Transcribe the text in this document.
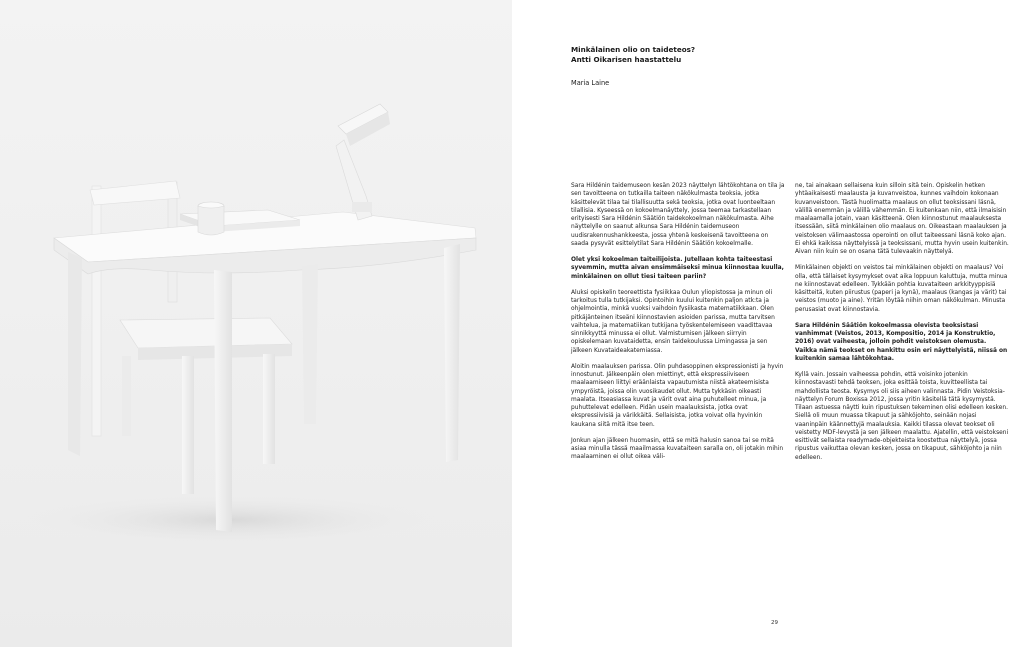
Minkälainen olio on taideteos?
Antti Oikarisen haastattelu

Maria Laine

Sara Hildénin taidemuseon kesän 2023 näyttelyn lähtökohtana on tila ja sen tavoitteena on tutkailla taiteen näkökulmasta teoksia, jotka käsittelevät tilaa tai tilallisuutta sekä teoksia, jotka ovat luonteeltaan tilallisia. Kyseessä on kokoelmanäyttely, jossa teemaa tarkastellaan erityisesti Sara Hildénin Säätiön taidekokoelman näkökulmasta. Aihe näyttelylle on saanut alkunsa Sara Hildénin taidemuseon uudisrakennushankkeesta, jossa yhtenä keskeisenä tavoitteena on saada pysyvät esittelytilat Sara Hildénin Säätiön kokoelmalle.

Olet yksi kokoelman taiteilijoista. Jutellaan kohta taiteestasi syvemmin, mutta aivan ensimmäiseksi minua kiinnostaa kuulla, minkälainen on ollut tiesi taiteen pariin?

Aluksi opiskelin teoreettista fysiikkaa Oulun yliopistossa ja minun oli tarkoitus tulla tutkijaksi. Opintoihin kuului kuitenkin paljon atk:ta ja ohjelmointia, minkä vuoksi vaihdoin fysiikasta matematiikkaan. Olen pitkäjänteinen itseäni kiinnostavien asioiden parissa, mutta tarvitsen vaihtelua, ja matematiikan tutkijana työskentelemiseen vaadittavaa sinnikkyyttä minussa ei ollut. Valmistumisen jälkeen siirryin opiskelemaan kuvataidetta, ensin taidekoulussa Limingassa ja sen jälkeen Kuvataideakatemiassa.

Aloitin maalauksen parissa. Olin puhdasoppinen ekspressionisti ja hyvin innostunut. Jälkeenpäin olen miettinyt, että ekspressiiviseen maalaamiseen liittyi eräänlaista vapautumista niistä akateemisista ympyröistä, joissa olin vuosikaudet ollut. Mutta tykkäsin oikeasti maalata. Itseasiassa kuvat ja värit ovat aina puhutelleet minua, ja puhuttelevat edelleen. Pidän usein maalauksista, jotka ovat ekspressiivisiä ja värikkäitä. Sellaisista, jotka voivat olla hyvinkin kaukana siitä mitä itse teen.

Jonkun ajan jälkeen huomasin, että se mitä halusin sanoa tai se mitä asiaa minulla tässä maailmassa kuvataiteen saralla on, oli jotakin mihin maalaaminen ei ollut oikea väli-

ne, tai ainakaan sellaisena kuin silloin sitä tein. Opiskelin hetken yhtäaikaisesti maalausta ja kuvanveistoa, kunnes vaihdoin kokonaan kuvanveistoon. Tästä huolimatta maalaus on ollut teoksissani läsnä, välillä enemmän ja välillä vähemmän. Ei kuitenkaan niin, että ilmaisisin maalaamalla jotain, vaan käsitteenä. Olen kiinnostunut maalauksesta itsessään, siitä minkälainen olio maalaus on. Oikeastaan maalauksen ja veistoksen välimaastossa operointi on ollut taiteessani läsnä koko ajan. Ei ehkä kaikissa näyttelyissä ja teoksissani, mutta hyvin usein kuitenkin. Aivan niin kuin se on osana tätä tulevaakin näyttelyä.

Minkälainen objekti on veistos tai minkälainen objekti on maalaus? Voi olla, että tällaiset kysymykset ovat aika loppuun kaluttuja, mutta minua ne kiinnostavat edelleen. Tykkään pohtia kuvataiteen arkkityyppisiä käsitteitä, kuten piirustus (paperi ja kynä), maalaus (kangas ja värit) tai veistos (muoto ja aine). Yritän löytää niihin oman näkökulman. Minusta perusasiat ovat kiinnostavia.

Sara Hildénin Säätiön kokoelmassa olevista teoksistasi vanhimmat (Veistos, 2013, Kompositio, 2014 ja Konstruktio, 2016) ovat vaiheesta, jolloin pohdit veistoksen olemusta. Vaikka nämä teokset on hankittu osin eri näyttelyistä, niissä on kuitenkin samaa lähtökohtaa.

Kyllä vain. Jossain vaiheessa pohdin, että voisinko jotenkin kiinnostavasti tehdä teoksen, joka esittää toista, kuvitteellista tai mahdollista teosta. Kysymys oli siis aiheen valinnasta. Pidin Veistoksia-näyttelyn Forum Boxissa 2012, jossa yritin käsitellä tätä kysymystä. Tilaan astuessa näytti kuin ripustuksen tekeminen olisi edelleen kesken. Siellä oli muun muassa tikapuut ja sähköjohto, seinään nojasi vaaninpäin käännettyjä maalauksia. Kaikki tilassa olevat teokset oli veistetty MDF-levystä ja sen jälkeen maalattu. Ajatellin, että veistokseni esittivät sellaista readymade-objekteista koostettua näyttelyä, jossa ripustus vaikuttaa olevan kesken, jossa on tikapuut, sähköjohto ja niin edelleen.

29
